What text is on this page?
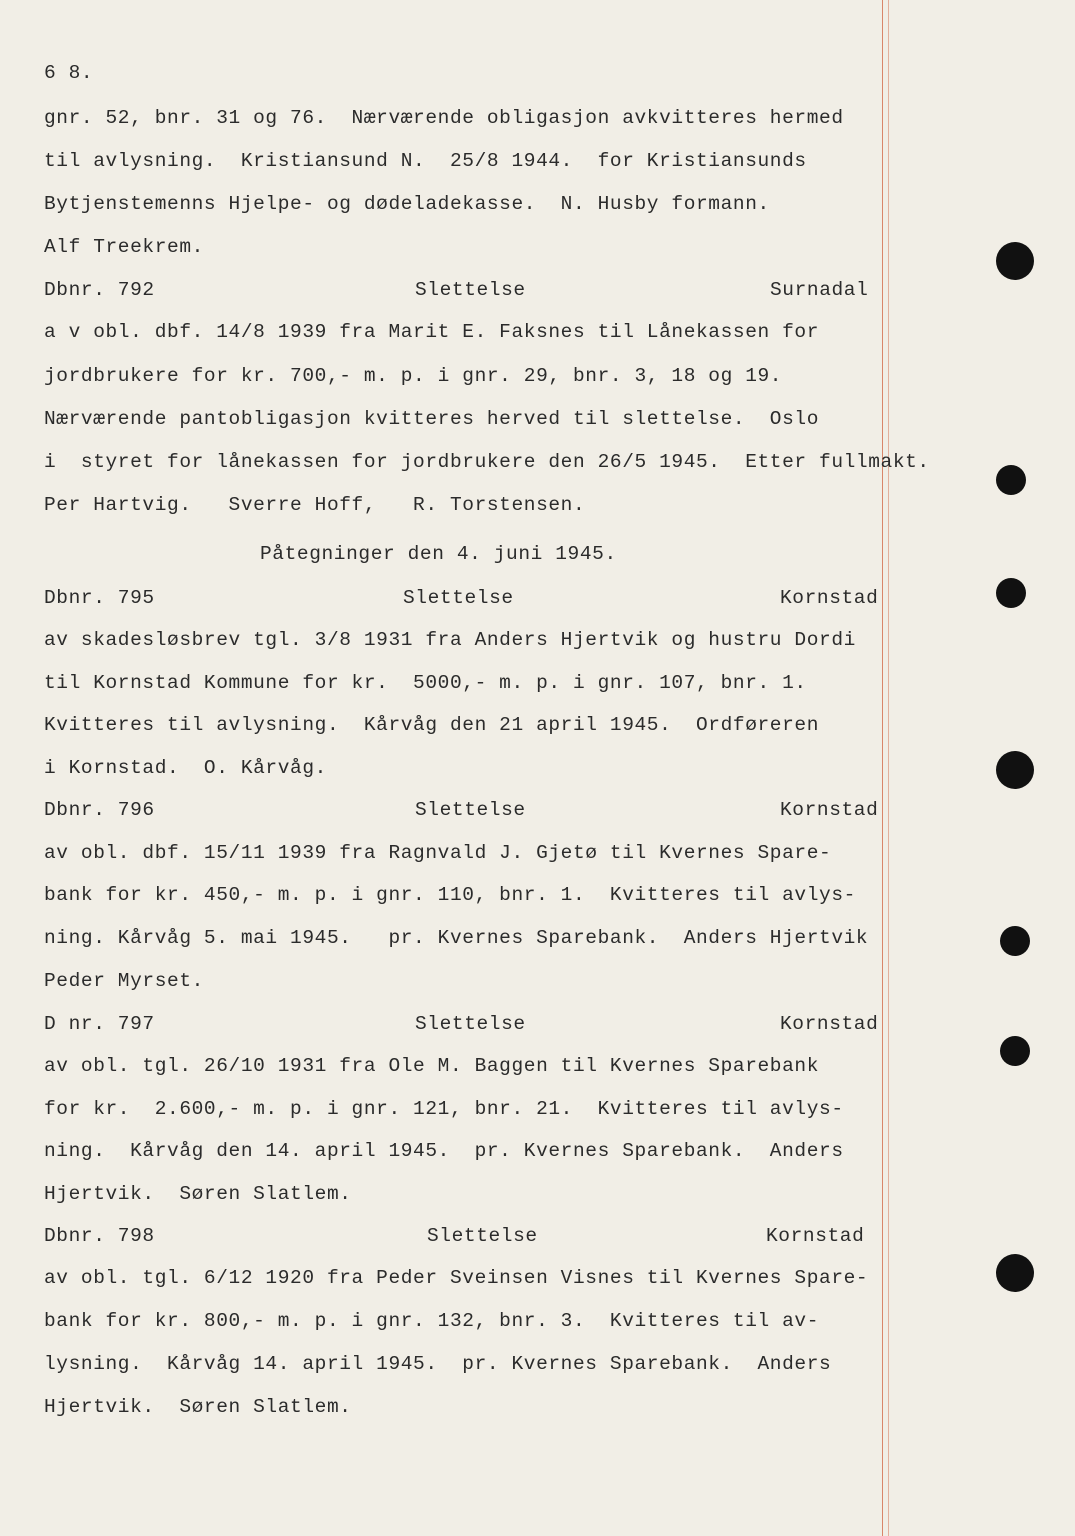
6 8.
gnr. 52, bnr. 31 og 76.  Nærværende obligasjon avkvitteres hermed
til avlysning.  Kristiansund N.  25/8 1944.  for Kristiansunds
Bytjenstemenns Hjelpe- og dødeladekasse.  N. Husby formann.
Alf Treekrem.

Dbnr. 792

	Slettelse

	Surnadal

a v obl. dbf. 14/8 1939 fra Marit E. Faksnes til Lånekassen for
jordbrukere for kr. 700,- m. p. i gnr. 29, bnr. 3, 18 og 19.
Nærværende pantobligasjon kvitteres herved til slettelse.  Oslo
i  styret for lånekassen for jordbrukere den 26/5 1945.  Etter fullmakt.
Per Hartvig.   Sverre Hoff,   R. Torstensen.
Påtegninger den 4. juni 1945.

Dbnr. 795

	Slettelse

	Kornstad

av skadesløsbrev tgl. 3/8 1931 fra Anders Hjertvik og hustru Dordi
til Kornstad Kommune for kr.  5000,- m. p. i gnr. 107, bnr. 1.
Kvitteres til avlysning.  Kårvåg den 21 april 1945.  Ordføreren
i Kornstad.  O. Kårvåg.

Dbnr. 796

	Slettelse

	Kornstad

av obl. dbf. 15/11 1939 fra Ragnvald J. Gjetø til Kvernes Spare-
bank for kr. 450,- m. p. i gnr. 110, bnr. 1.  Kvitteres til avlys-
ning. Kårvåg 5. mai 1945.   pr. Kvernes Sparebank.  Anders Hjertvik
Peder Myrset.

D nr. 797

	Slettelse

	Kornstad

av obl. tgl. 26/10 1931 fra Ole M. Baggen til Kvernes Sparebank
for kr.  2.600,- m. p. i gnr. 121, bnr. 21.  Kvitteres til avlys-
ning.  Kårvåg den 14. april 1945.  pr. Kvernes Sparebank.  Anders
Hjertvik.  Søren Slatlem.

Dbnr. 798

	Slettelse

	Kornstad

av obl. tgl. 6/12 1920 fra Peder Sveinsen Visnes til Kvernes Spare-
bank for kr. 800,- m. p. i gnr. 132, bnr. 3.  Kvitteres til av-
lysning.  Kårvåg 14. april 1945.  pr. Kvernes Sparebank.  Anders
Hjertvik.  Søren Slatlem.
